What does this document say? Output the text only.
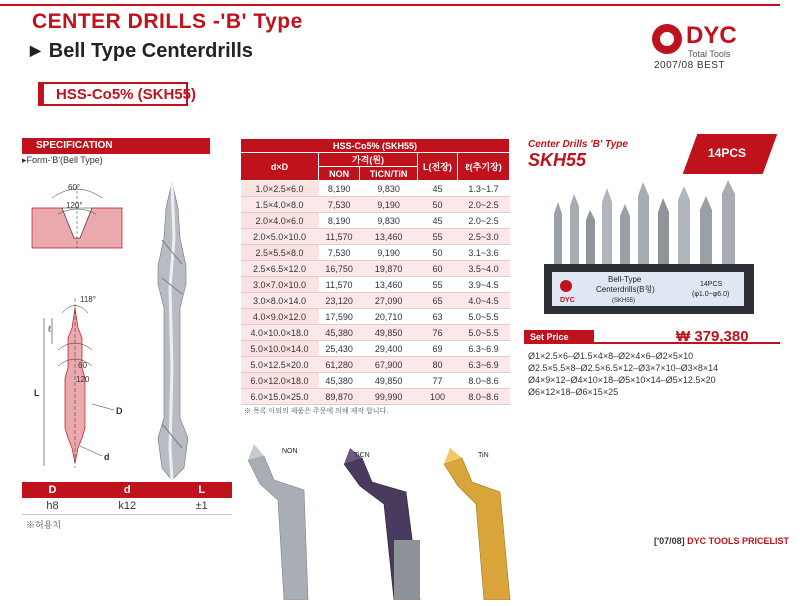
CENTER DRILLS -'B' Type
▶ Bell Type Centerdrills
HSS-Co5% (SKH55)
DYC
Total Tools
2007/08 BEST
SPECIFICATION
▸Form-'B'(Bell Type)
60°
120°
118°
60
120
ℓ
L
D
d
D	d	L
h8	k12	±1
※허용치
HSS-Co5% (SKH55)				
d×D	가격(원)		L(전장)	ℓ(추기장)
	NON	TiCN/TiN		
1.0×2.5×6.0	8,190	9,830	45	1.3~1.7
1.5×4.0×8.0	7,530	9,190	50	2.0~2.5
2.0×4.0×6.0	8,190	9,830	45	2.0~2.5
2.0×5.0×10.0	11,570	13,460	55	2.5~3.0
2.5×5.5×8.0	7,530	9,190	50	3.1~3.6
2.5×6.5×12.0	16,750	19,870	60	3.5~4.0
3.0×7.0×10.0	11,570	13,460	55	3.9~4.5
3.0×8.0×14.0	23,120	27,090	65	4.0~4.5
4.0×9.0×12.0	17,590	20,710	63	5.0~5.5
4.0×10.0×18.0	45,380	49,850	76	5.0~5.5
5.0×10.0×14.0	25,430	29,400	69	6.3~6.9
5.0×12.5×20.0	61,280	67,900	80	6.3~6.9
6.0×12.0×18.0	45,380	49,850	77	8.0~8.6
6.0×15.0×25.0	89,870	99,990	100	8.0~8.6
※ 목록 이외의 제품은 주문에 의해 제작 합니다.
Center Drills 'B' Type
SKH55	14PCS
DYC
Bell-Type
Centerdrills(B형)
(SKH55)
14PCS
(φ1.0~φ6.0)
Set Price	₩ 379,380
Ø1×2.5×6–Ø1.5×4×8–Ø2×4×6–Ø2×5×10
Ø2.5×5.5×8–Ø2.5×6.5×12–Ø3×7×10–Ø3×8×14
Ø4×9×12–Ø4×10×18–Ø5×10×14–Ø5×12.5×20
Ø6×12×18–Ø6×15×25
NON
TiCN	TiN
['07/08] DYC TOOLS PRICELIST
